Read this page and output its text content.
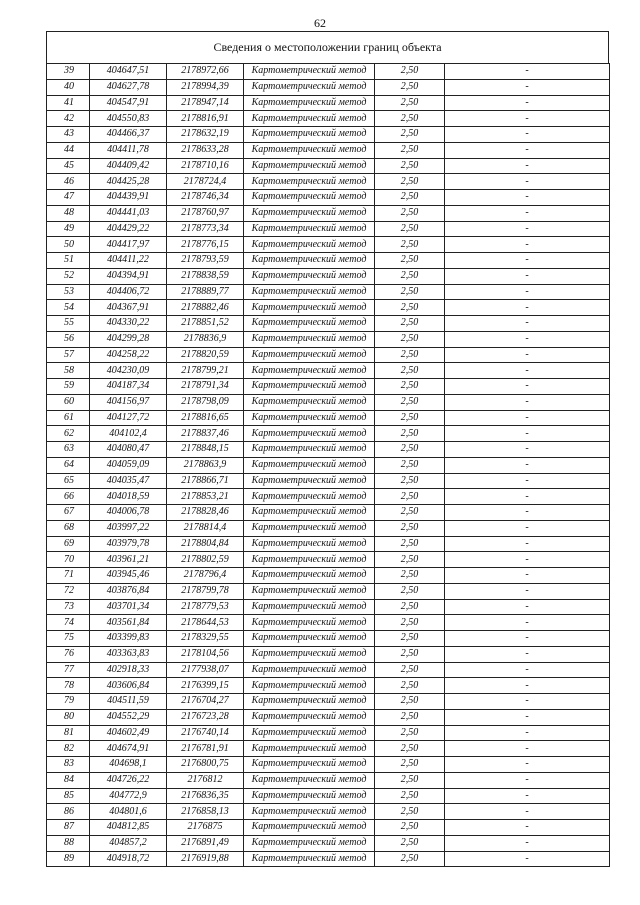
62
Сведения о местоположении границ объекта
39	404647,51	2178972,66	Картометрический метод	2,50	-
40	404627,78	2178994,39	Картометрический метод	2,50	-
41	404547,91	2178947,14	Картометрический метод	2,50	-
42	404550,83	2178816,91	Картометрический метод	2,50	-
43	404466,37	2178632,19	Картометрический метод	2,50	-
44	404411,78	2178633,28	Картометрический метод	2,50	-
45	404409,42	2178710,16	Картометрический метод	2,50	-
46	404425,28	2178724,4	Картометрический метод	2,50	-
47	404439,91	2178746,34	Картометрический метод	2,50	-
48	404441,03	2178760,97	Картометрический метод	2,50	-
49	404429,22	2178773,34	Картометрический метод	2,50	-
50	404417,97	2178776,15	Картометрический метод	2,50	-
51	404411,22	2178793,59	Картометрический метод	2,50	-
52	404394,91	2178838,59	Картометрический метод	2,50	-
53	404406,72	2178889,77	Картометрический метод	2,50	-
54	404367,91	2178882,46	Картометрический метод	2,50	-
55	404330,22	2178851,52	Картометрический метод	2,50	-
56	404299,28	2178836,9	Картометрический метод	2,50	-
57	404258,22	2178820,59	Картометрический метод	2,50	-
58	404230,09	2178799,21	Картометрический метод	2,50	-
59	404187,34	2178791,34	Картометрический метод	2,50	-
60	404156,97	2178798,09	Картометрический метод	2,50	-
61	404127,72	2178816,65	Картометрический метод	2,50	-
62	404102,4	2178837,46	Картометрический метод	2,50	-
63	404080,47	2178848,15	Картометрический метод	2,50	-
64	404059,09	2178863,9	Картометрический метод	2,50	-
65	404035,47	2178866,71	Картометрический метод	2,50	-
66	404018,59	2178853,21	Картометрический метод	2,50	-
67	404006,78	2178828,46	Картометрический метод	2,50	-
68	403997,22	2178814,4	Картометрический метод	2,50	-
69	403979,78	2178804,84	Картометрический метод	2,50	-
70	403961,21	2178802,59	Картометрический метод	2,50	-
71	403945,46	2178796,4	Картометрический метод	2,50	-
72	403876,84	2178799,78	Картометрический метод	2,50	-
73	403701,34	2178779,53	Картометрический метод	2,50	-
74	403561,84	2178644,53	Картометрический метод	2,50	-
75	403399,83	2178329,55	Картометрический метод	2,50	-
76	403363,83	2178104,56	Картометрический метод	2,50	-
77	402918,33	2177938,07	Картометрический метод	2,50	-
78	403606,84	2176399,15	Картометрический метод	2,50	-
79	404511,59	2176704,27	Картометрический метод	2,50	-
80	404552,29	2176723,28	Картометрический метод	2,50	-
81	404602,49	2176740,14	Картометрический метод	2,50	-
82	404674,91	2176781,91	Картометрический метод	2,50	-
83	404698,1	2176800,75	Картометрический метод	2,50	-
84	404726,22	2176812	Картометрический метод	2,50	-
85	404772,9	2176836,35	Картометрический метод	2,50	-
86	404801,6	2176858,13	Картометрический метод	2,50	-
87	404812,85	2176875	Картометрический метод	2,50	-
88	404857,2	2176891,49	Картометрический метод	2,50	-
89	404918,72	2176919,88	Картометрический метод	2,50	-
